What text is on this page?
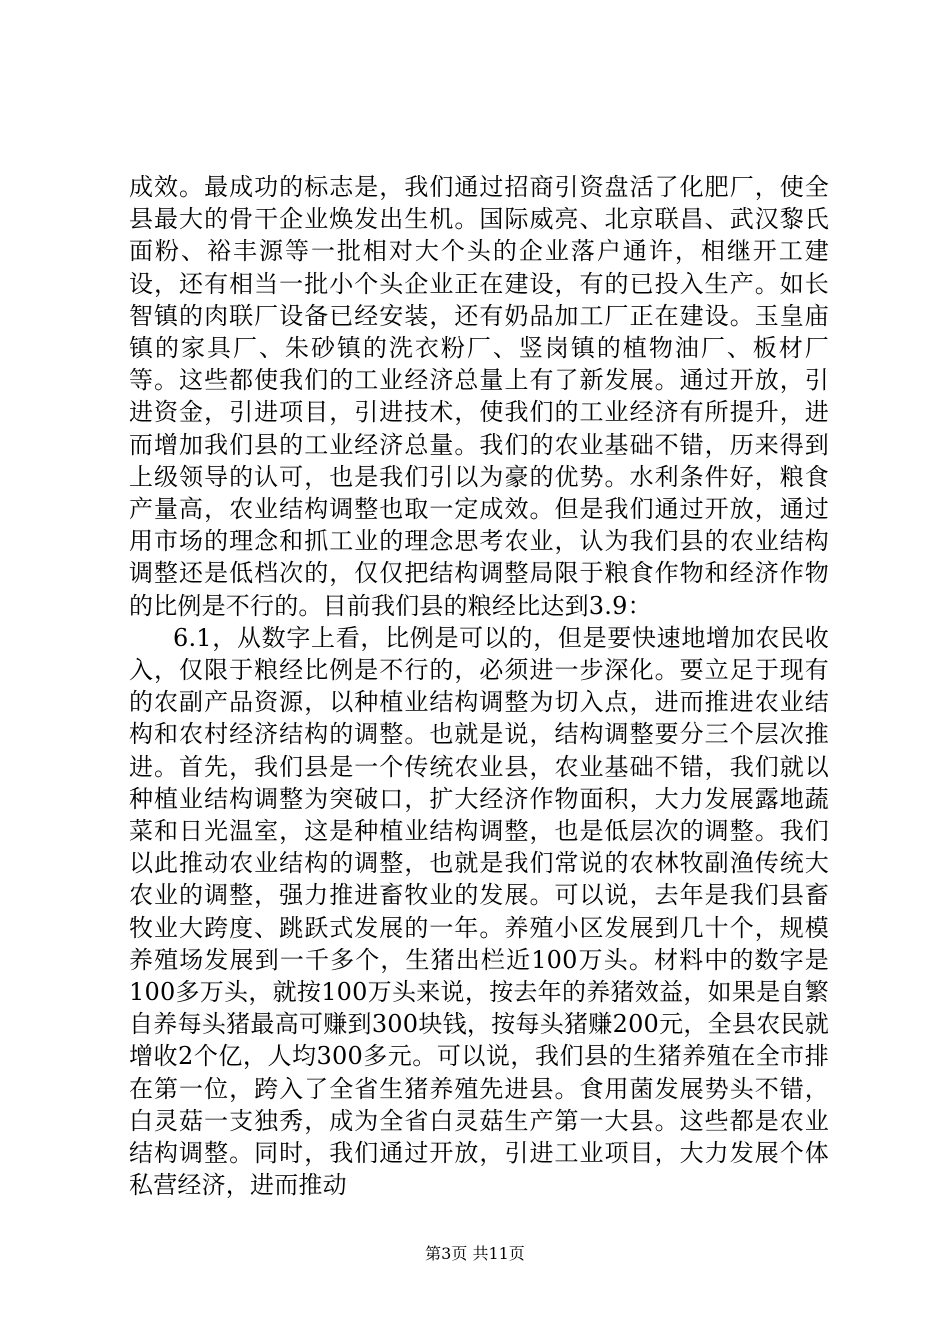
成效。最成功的标志是，我们通过招商引资盘活了化肥厂，使全县最大的骨干企业焕发出生机。国际威亮、北京联昌、武汉黎氏面粉、裕丰源等一批相对大个头的企业落户通许，相继开工建设，还有相当一批小个头企业正在建设，有的已投入生产。如长智镇的肉联厂设备已经安装，还有奶品加工厂正在建设。玉皇庙镇的家具厂、朱砂镇的洗衣粉厂、竖岗镇的植物油厂、板材厂等。这些都使我们的工业经济总量上有了新发展。通过开放，引进资金，引进项目，引进技术，使我们的工业经济有所提升，进而增加我们县的工业经济总量。我们的农业基础不错，历来得到上级领导的认可，也是我们引以为豪的优势。水利条件好，粮食产量高，农业结构调整也取一定成效。但是我们通过开放，通过用市场的理念和抓工业的理念思考农业，认为我们县的农业结构调整还是低档次的，仅仅把结构调整局限于粮食作物和经济作物的比例是不行的。目前我们县的粮经比达到3.9：

6.1，从数字上看，比例是可以的，但是要快速地增加农民收入，仅限于粮经比例是不行的，必须进一步深化。要立足于现有的农副产品资源，以种植业结构调整为切入点，进而推进农业结构和农村经济结构的调整。也就是说，结构调整要分三个层次推进。首先，我们县是一个传统农业县，农业基础不错，我们就以种植业结构调整为突破口，扩大经济作物面积，大力发展露地蔬菜和日光温室，这是种植业结构调整，也是低层次的调整。我们以此推动农业结构的调整，也就是我们常说的农林牧副渔传统大农业的调整，强力推进畜牧业的发展。可以说，去年是我们县畜牧业大跨度、跳跃式发展的一年。养殖小区发展到几十个，规模养殖场发展到一千多个，生猪出栏近100万头。材料中的数字是100多万头，就按100万头来说，按去年的养猪效益，如果是自繁自养每头猪最高可赚到300块钱，按每头猪赚200元，全县农民就增收2个亿，人均300多元。可以说，我们县的生猪养殖在全市排在第一位，跨入了全省生猪养殖先进县。食用菌发展势头不错，白灵菇一支独秀，成为全省白灵菇生产第一大县。这些都是农业结构调整。同时，我们通过开放，引进工业项目，大力发展个体私营经济，进而推动

第3页 共11页
